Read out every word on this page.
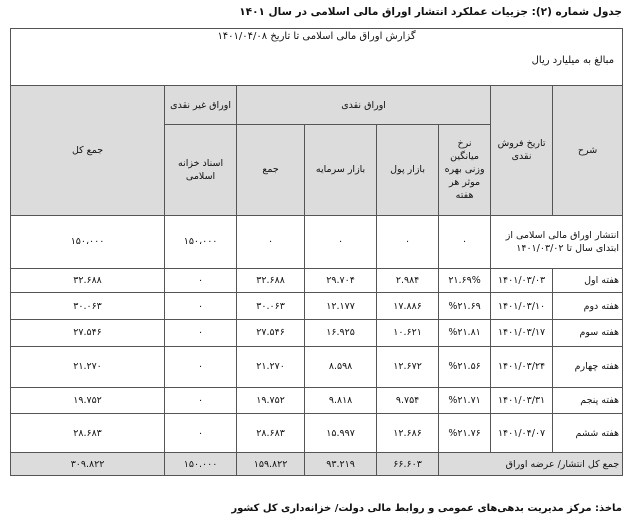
جدول شماره (۲): جزییات عملکرد انتشار اوراق مالی اسلامی در سال ۱۴۰۱
گزارش اوراق مالی اسلامی تا تاریخ ۱۴۰۱/۰۴/۰۸
مبالغ به میلیارد ریال							

شرح	تاریخ فروش نقدی	اوراق نقدی				اوراق غیر نقدی	جمع کل
		نرخ میانگین وزنی بهره موثر هر هفته	بازار پول	بازار سرمایه	جمع	اسناد خزانه اسلامی	
انتشار اوراق مالی اسلامی از ابتدای سال تا ۱۴۰۱/۰۳/۰۲		۰	۰	۰	۰	۱۵۰،۰۰۰	۱۵۰،۰۰۰
هفته اول	۱۴۰۱/۰۳/۰۳	۲۱.۶۹%	۲.۹۸۴	۲۹.۷۰۴	۳۲.۶۸۸	۰	۳۲.۶۸۸
هفته دوم	۱۴۰۱/۰۳/۱۰	%۲۱.۶۹	۱۷.۸۸۶	۱۲.۱۷۷	۳۰.۰۶۳	۰	۳۰.۰۶۳
هفته سوم	۱۴۰۱/۰۳/۱۷	%۲۱.۸۱	۱۰.۶۲۱	۱۶.۹۲۵	۲۷.۵۴۶	۰	۲۷.۵۴۶
هفته چهارم	۱۴۰۱/۰۳/۲۴	%۲۱.۵۶	۱۲.۶۷۲	۸.۵۹۸	۲۱.۲۷۰	۰	۲۱.۲۷۰
هفته پنجم	۱۴۰۱/۰۳/۳۱	%۲۱.۷۱	۹.۷۵۴	۹.۸۱۸	۱۹.۷۵۲	۰	۱۹.۷۵۲
هفته ششم	۱۴۰۱/۰۴/۰۷	%۲۱.۷۶	۱۲.۶۸۶	۱۵.۹۹۷	۲۸.۶۸۳	۰	۲۸.۶۸۳
جمع کل انتشار/ عرضه اوراق			۶۶.۶۰۳	۹۳.۲۱۹	۱۵۹.۸۲۲	۱۵۰.۰۰۰	۳۰۹.۸۲۲
ماخذ: مرکز مدیریت بدهی‌های عمومی و روابط مالی دولت/ خزانه‌داری کل کشور
